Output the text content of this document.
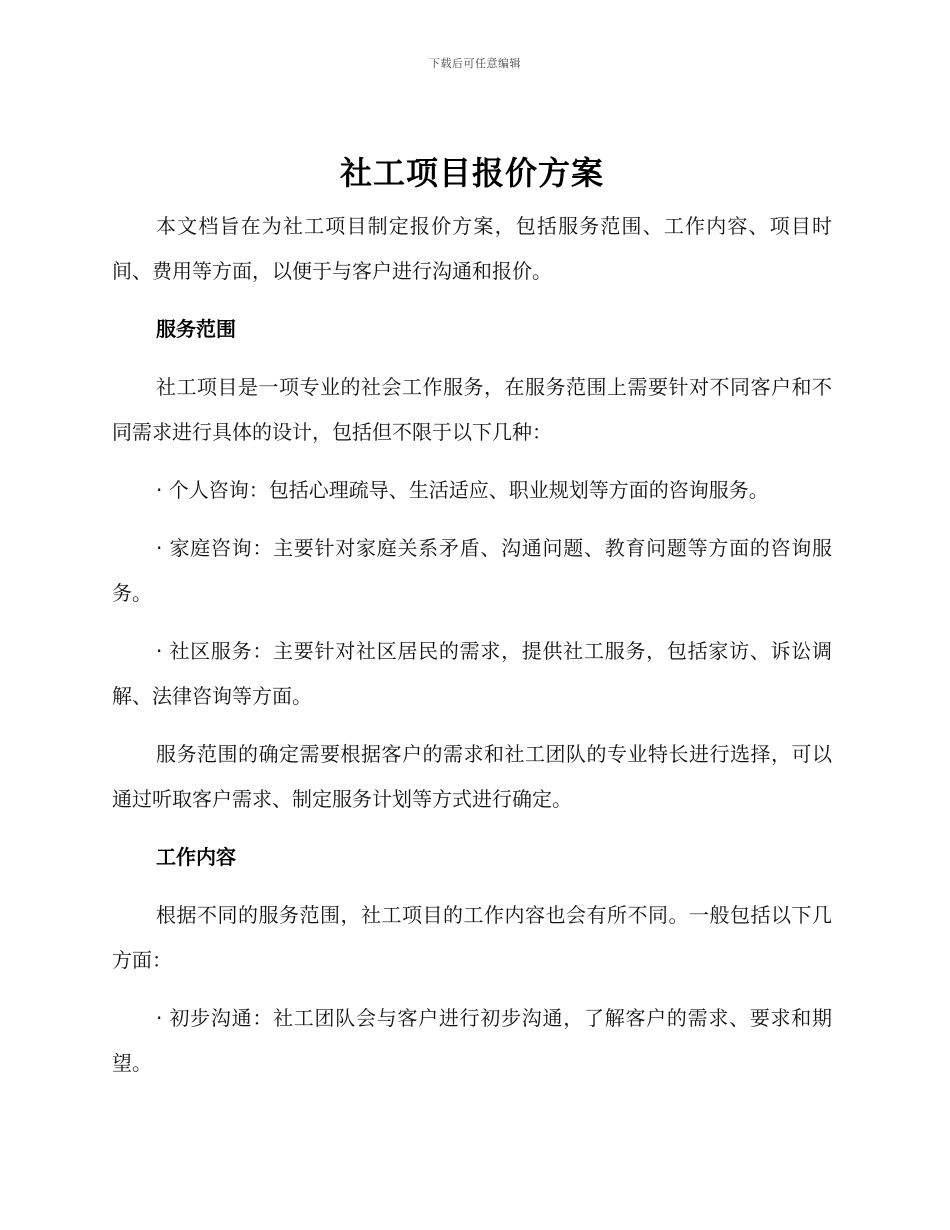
下载后可任意编辑
社工项目报价方案

本文档旨在为社工项目制定报价方案，包括服务范围、工作内容、项目时间、费用等方面，以便于与客户进行沟通和报价。

服务范围

社工项目是一项专业的社会工作服务，在服务范围上需要针对不同客户和不同需求进行具体的设计，包括但不限于以下几种：

· 个人咨询：包括心理疏导、生活适应、职业规划等方面的咨询服务。

· 家庭咨询：主要针对家庭关系矛盾、沟通问题、教育问题等方面的咨询服务。

· 社区服务：主要针对社区居民的需求，提供社工服务，包括家访、诉讼调解、法律咨询等方面。

服务范围的确定需要根据客户的需求和社工团队的专业特长进行选择，可以通过听取客户需求、制定服务计划等方式进行确定。

工作内容

根据不同的服务范围，社工项目的工作内容也会有所不同。一般包括以下几方面：

· 初步沟通：社工团队会与客户进行初步沟通，了解客户的需求、要求和期望。
